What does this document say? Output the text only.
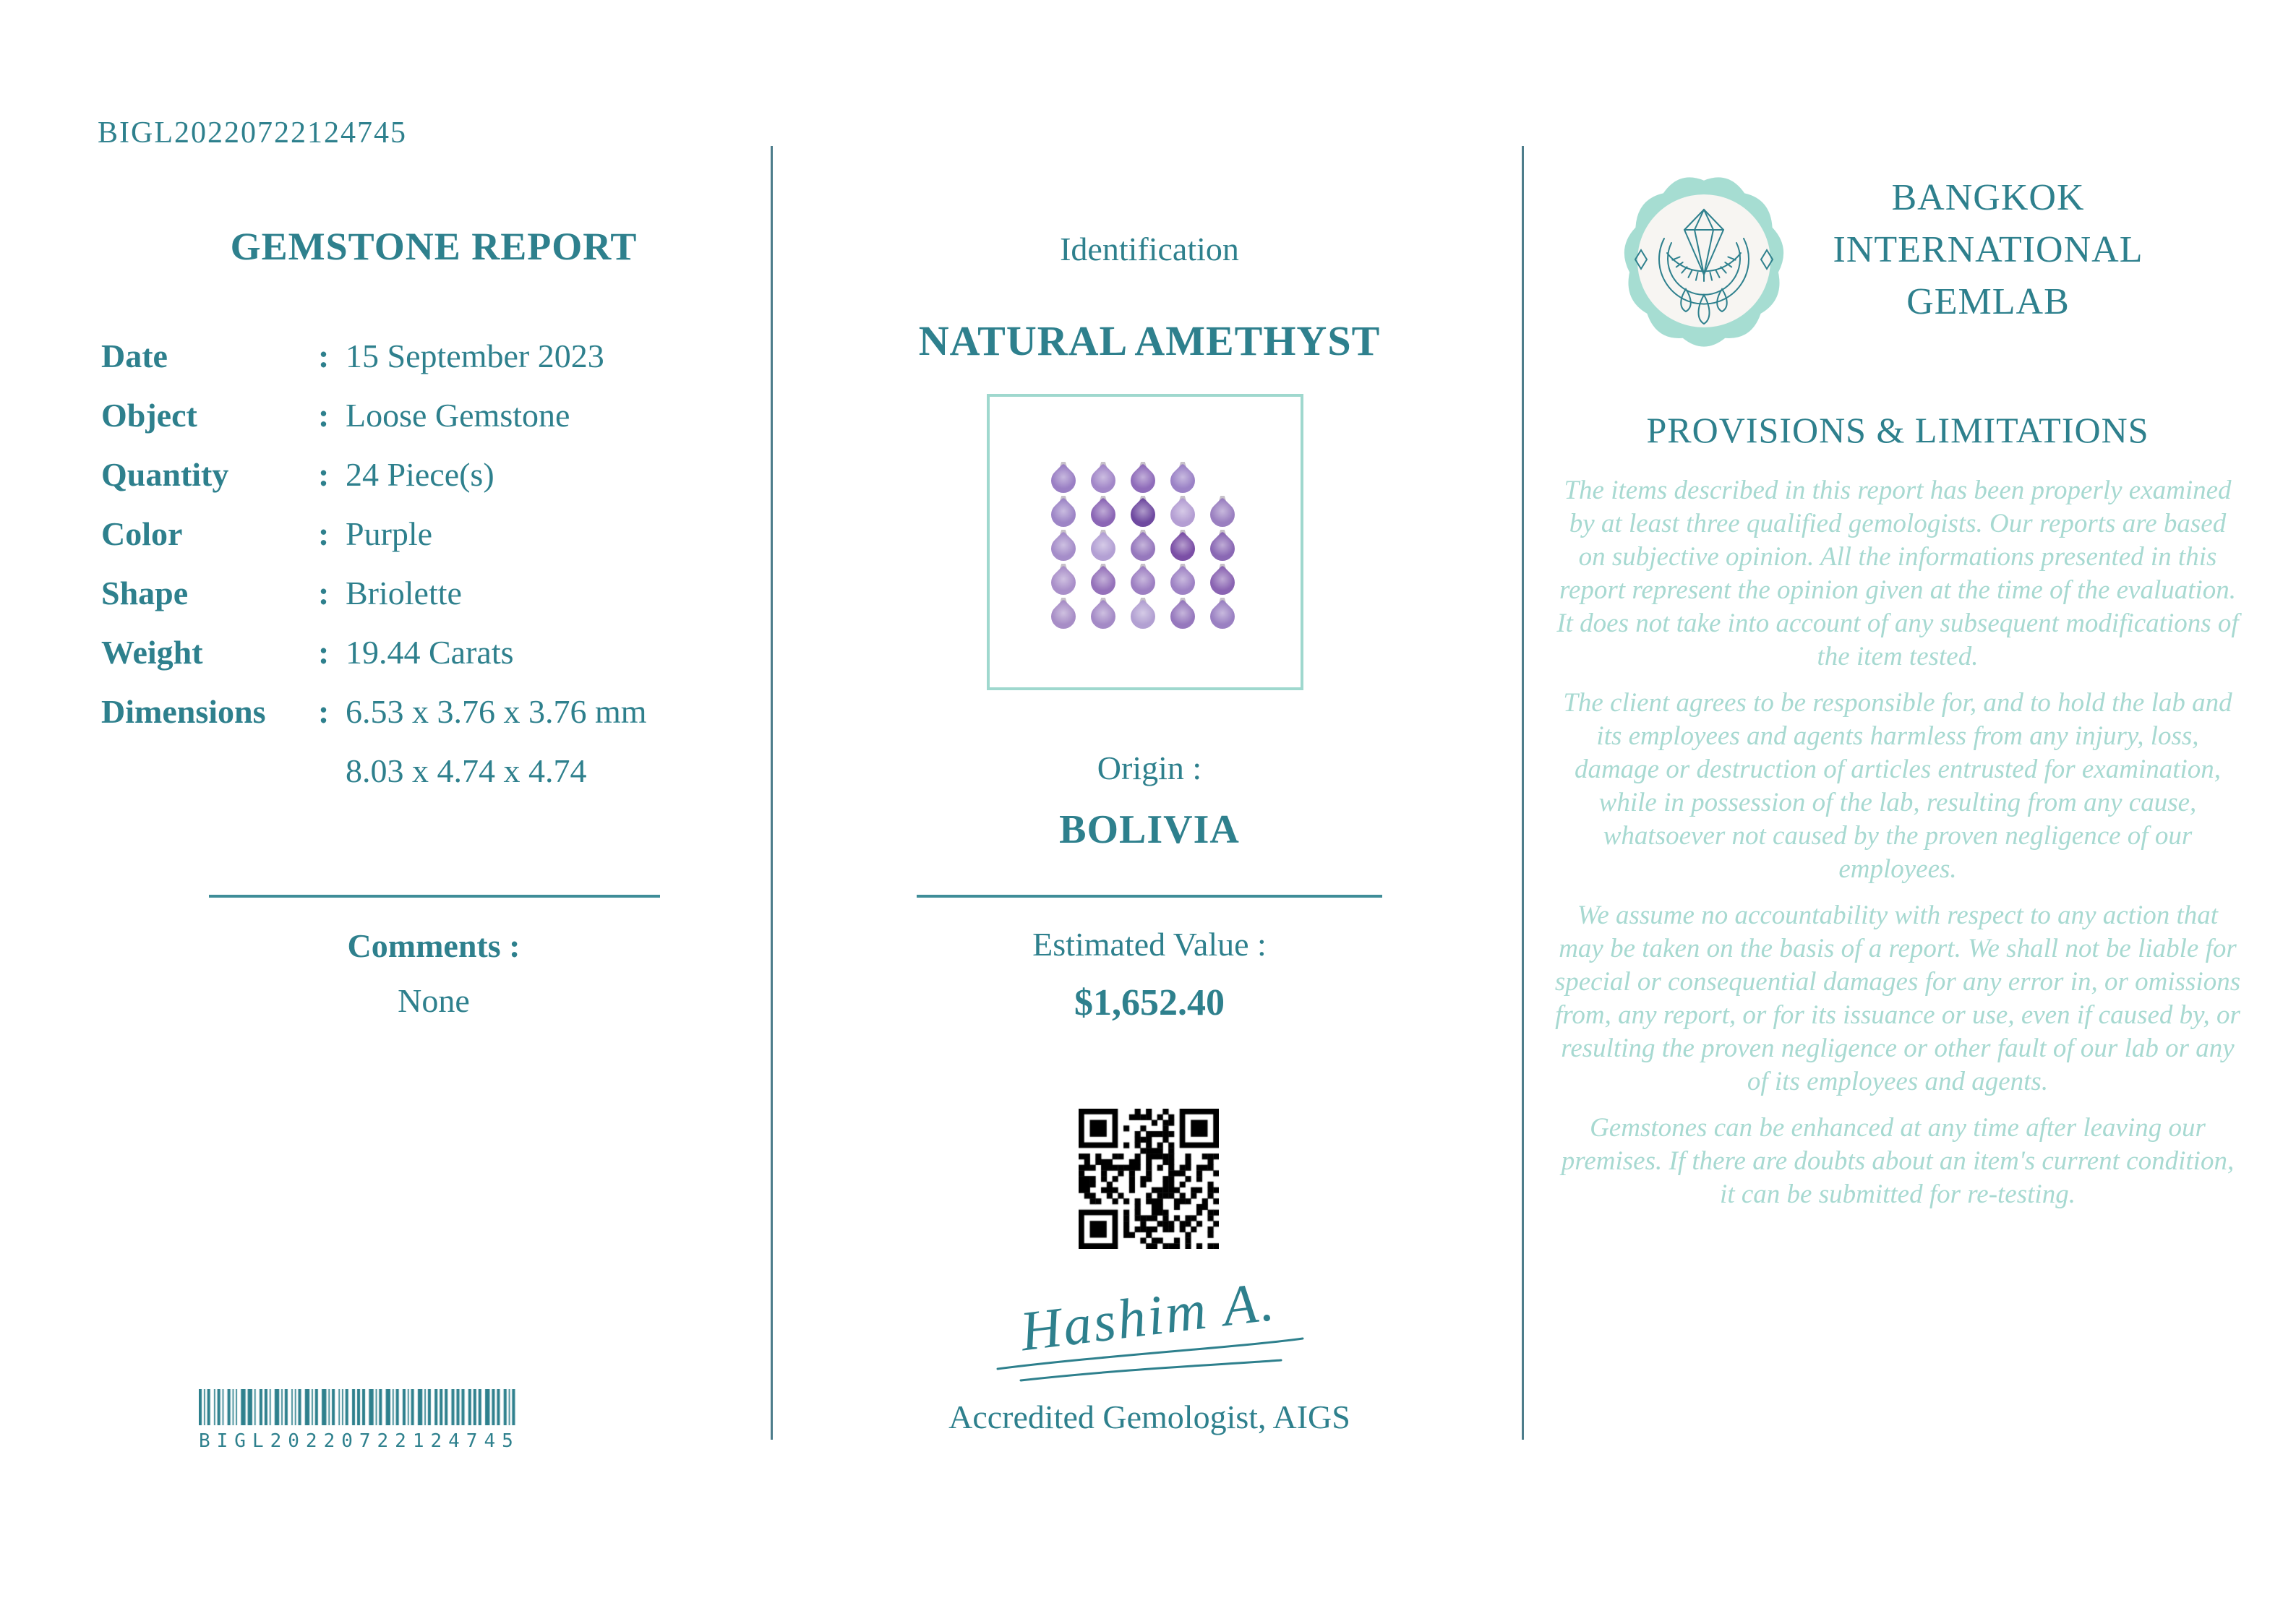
BIGL20220722124745
GEMSTONE REPORT
Date	: 15 September 2023
Object	: Loose Gemstone
Quantity	: 24 Piece(s)
Color	: Purple
Shape	: Briolette
Weight	: 19.44 Carats
Dimensions	: 6.53 x 3.76 x 3.76 mm
8.03 x 4.74 x 4.74
Comments :
None
BIGL20220722124745
Identification
NATURAL AMETHYST
Origin :
BOLIVIA
Estimated Value :
$1,652.40
Hashim A.
Accredited Gemologist, AIGS
BANGKOK
INTERNATIONAL
GEMLAB
PROVISIONS & LIMITATIONS

The items described in this report has been properly examined by at least three qualified gemologists. Our reports are based on subjective opinion. All the informations presented in this report represent the opinion given at the time of the evaluation. It does not take into account of any subsequent modifications of the item tested.

The client agrees to be responsible for, and to hold the lab and its employees and agents harmless from any injury, loss, damage or destruction of articles entrusted for examination, while in possession of the lab, resulting from any cause, whatsoever not caused by the proven negligence of our employees.

We assume no accountability with respect to any action that may be taken on the basis of a report. We shall not be liable for special or consequential damages for any error in, or omissions from, any report, or for its issuance or use, even if caused by, or resulting the proven negligence or other fault of our lab or any of its employees and agents.

Gemstones can be enhanced at any time after leaving our premises. If there are doubts about an item's current condition, it can be submitted for re-testing.
